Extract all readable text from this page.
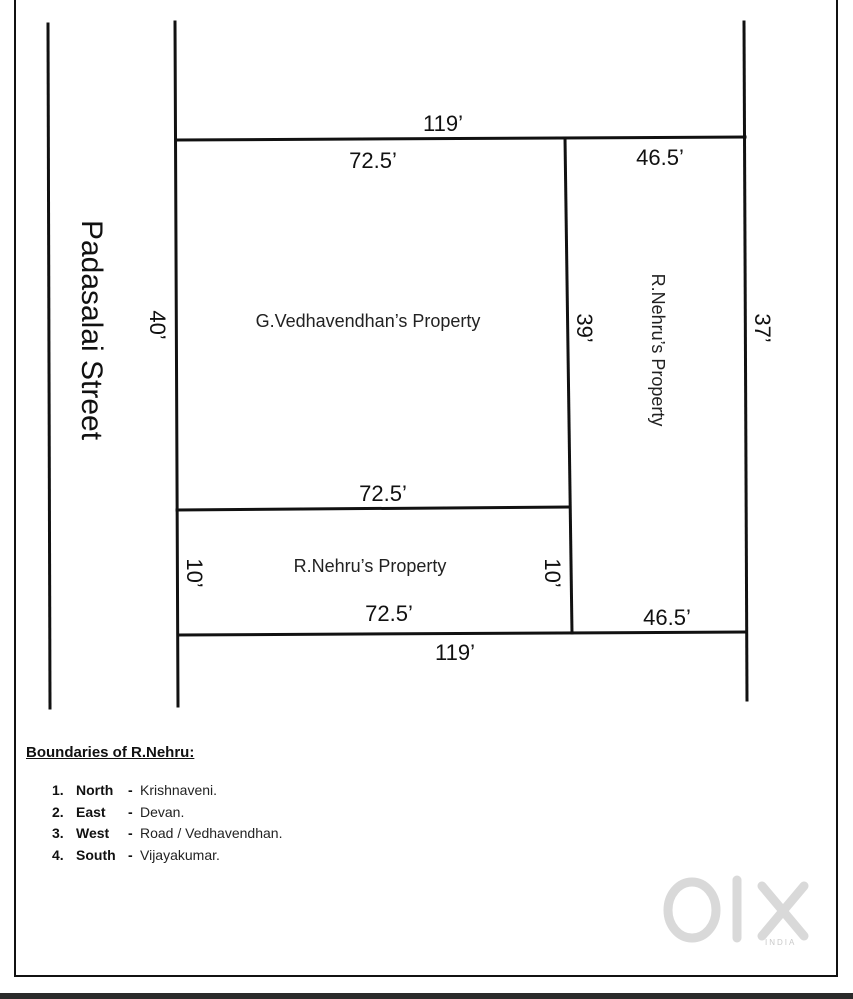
Padasalai Street
119’
72.5’	46.5’
40’	39’	37’
G.Vedhavendhan’s Property	R.Nehru’s Property
72.5’
10’	10’
R.Nehru’s Property
72.5’	46.5’
119’
Boundaries of R.Nehru:
1. North	- Krishnaveni.
2. East	- Devan.
3. West	- Road / Vedhavendhan.
4. South - Vijayakumar.
INDIA
